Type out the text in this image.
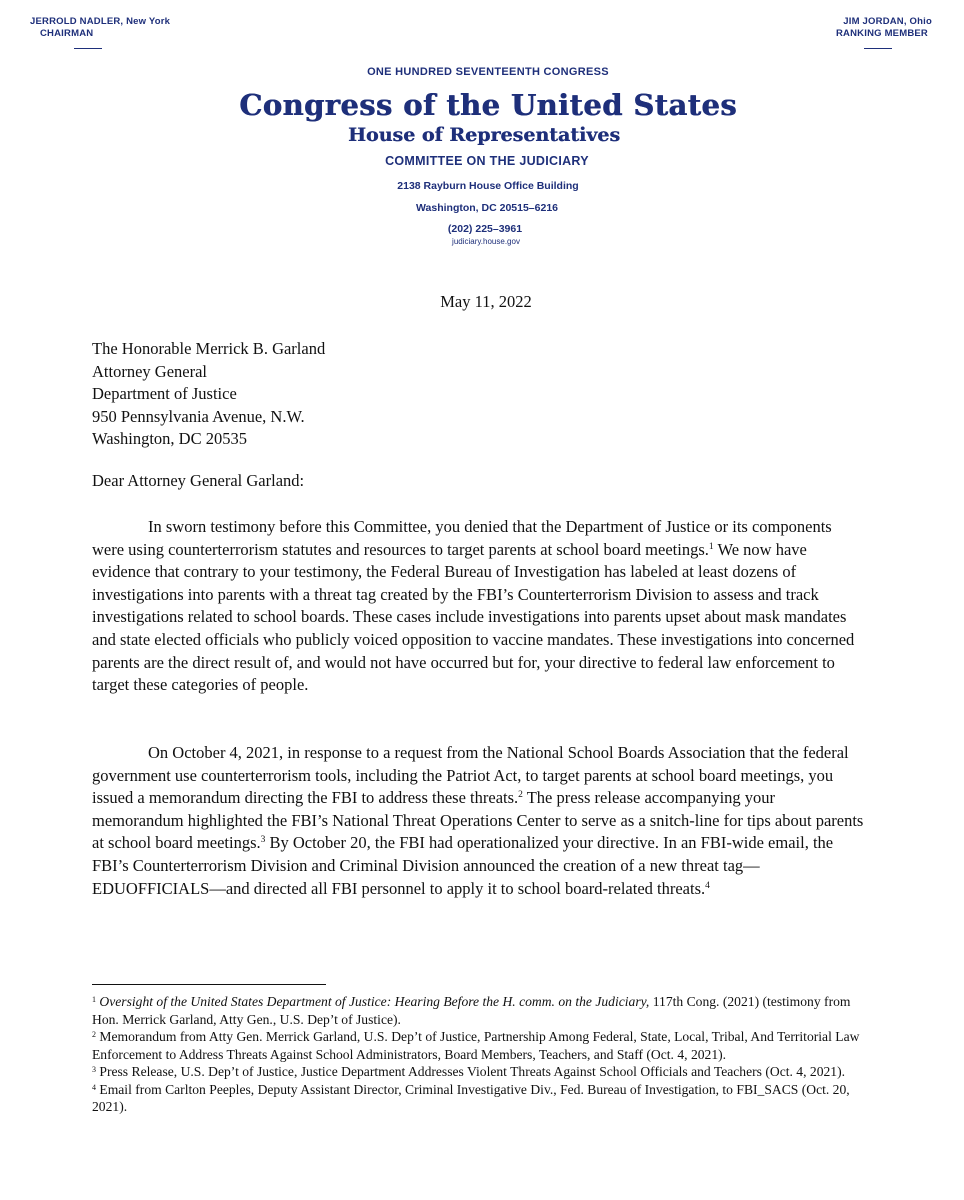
JERROLD NADLER, New York
CHAIRMAN
JIM JORDAN, Ohio
RANKING MEMBER
ONE HUNDRED SEVENTEENTH CONGRESS
Congress of the United States
House of Representatives
COMMITTEE ON THE JUDICIARY
2138 Rayburn House Office Building
Washington, DC 20515–6216
(202) 225–3961
judiciary.house.gov
May 11, 2022
The Honorable Merrick B. Garland
Attorney General
Department of Justice
950 Pennsylvania Avenue, N.W.
Washington, DC 20535
Dear Attorney General Garland:

In sworn testimony before this Committee, you denied that the Department of Justice or its components were using counterterrorism statutes and resources to target parents at school board meetings.$^1$ We now have evidence that contrary to your testimony, the Federal Bureau of Investigation has labeled at least dozens of investigations into parents with a threat tag created by the FBI’s Counterterrorism Division to assess and track investigations related to school boards. These cases include investigations into parents upset about mask mandates and state elected officials who publicly voiced opposition to vaccine mandates. These investigations into concerned parents are the direct result of, and would not have occurred but for, your directive to federal law enforcement to target these categories of people.

On October 4, 2021, in response to a request from the National School Boards Association that the federal government use counterterrorism tools, including the Patriot Act, to target parents at school board meetings, you issued a memorandum directing the FBI to address these threats.$^2$ The press release accompanying your memorandum highlighted the FBI’s National Threat Operations Center to serve as a snitch-line for tips about parents at school board meetings.$^3$ By October 20, the FBI had operationalized your directive. In an FBI-wide email, the FBI’s Counterterrorism Division and Criminal Division announced the creation of a new threat tag—EDUOFFICIALS—and directed all FBI personnel to apply it to school board-related threats.$^4$

$^1$ Oversight of the United States Department of Justice: Hearing Before the H. comm. on the Judiciary, 117th Cong. (2021) (testimony from Hon. Merrick Garland, Atty Gen., U.S. Dep’t of Justice).
$^2$ Memorandum from Atty Gen. Merrick Garland, U.S. Dep’t of Justice, Partnership Among Federal, State, Local, Tribal, And Territorial Law Enforcement to Address Threats Against School Administrators, Board Members, Teachers, and Staff (Oct. 4, 2021).
$^3$ Press Release, U.S. Dep’t of Justice, Justice Department Addresses Violent Threats Against School Officials and Teachers (Oct. 4, 2021).
$^4$ Email from Carlton Peeples, Deputy Assistant Director, Criminal Investigative Div., Fed. Bureau of Investigation, to FBI_SACS (Oct. 20, 2021).
